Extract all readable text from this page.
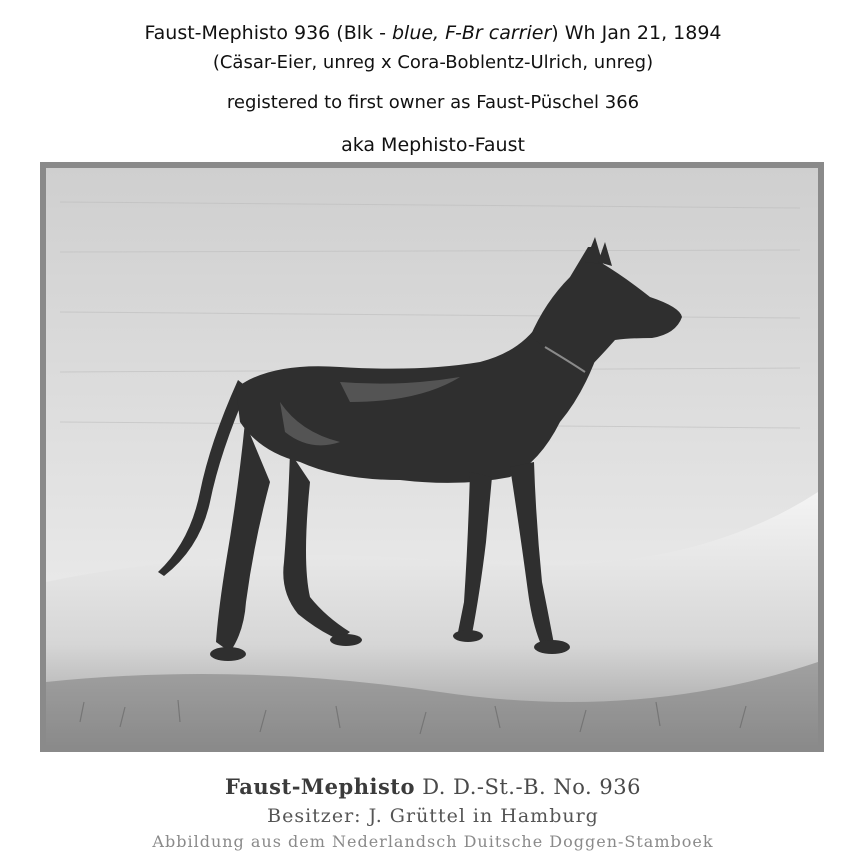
Faust-Mephisto 936 (Blk - blue, F-Br carrier) Wh Jan 21, 1894
(Cäsar-Eier, unreg x Cora-Boblentz-Ulrich, unreg)
registered to first owner as Faust-Püschel 366
aka Mephisto-Faust
Faust-Mephisto D. D.-St.-B. No. 936
Besitzer: J. Grüttel in Hamburg
Abbildung aus dem Nederlandsch Duitsche Doggen-Stamboek
